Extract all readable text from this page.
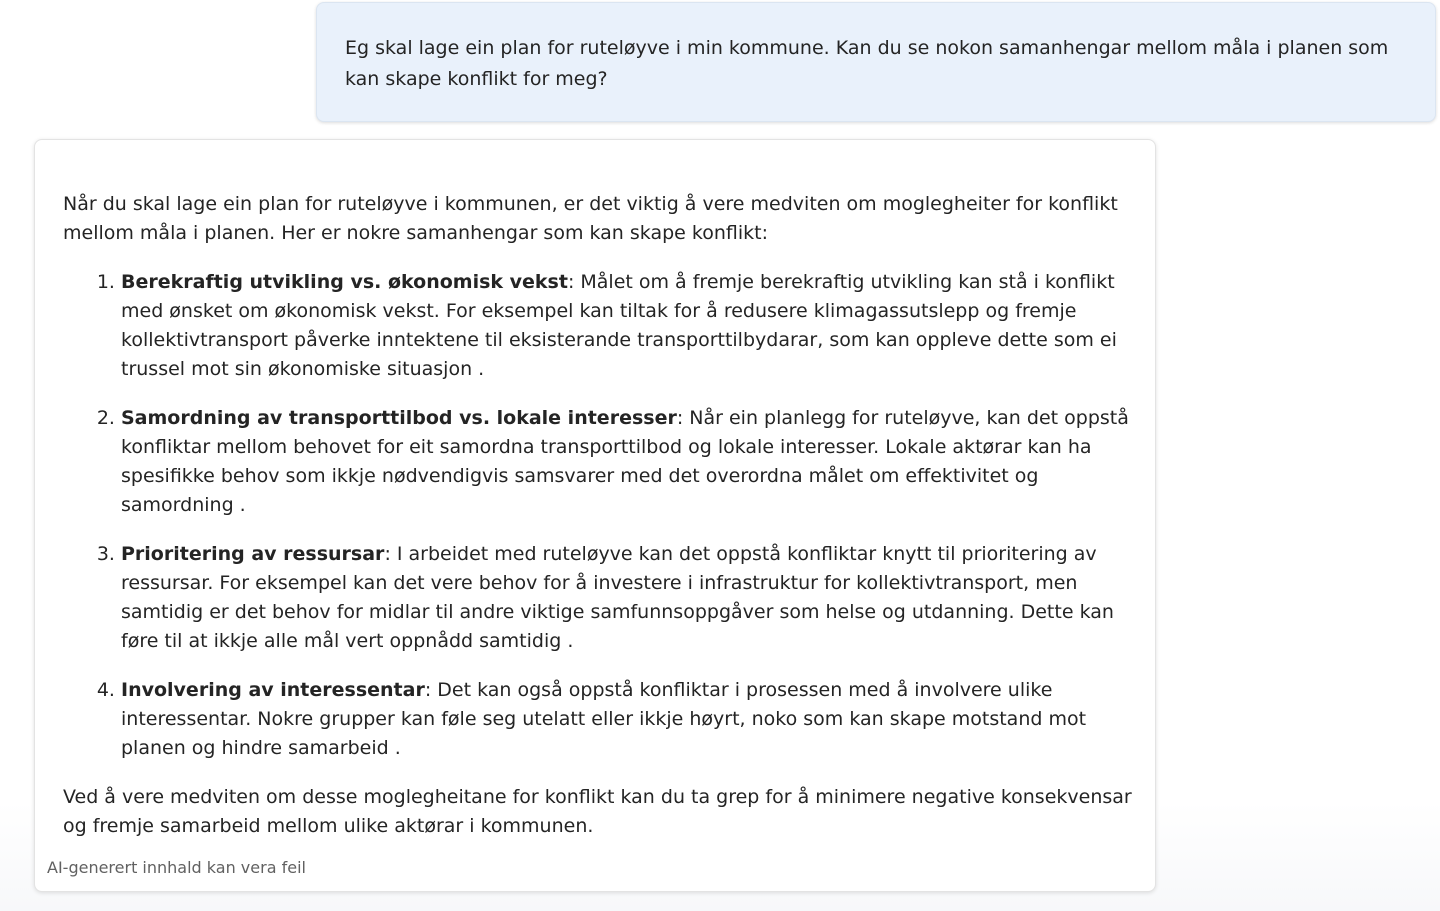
Eg skal lage ein plan for ruteløyve i min kommune. Kan du se nokon samanhengar mellom måla i planen som kan skape konflikt for meg?

Når du skal lage ein plan for ruteløyve i kommunen, er det viktig å vere medviten om moglegheiter for konflikt mellom måla i planen. Her er nokre samanhengar som kan skape konflikt:

1. Berekraftig utvikling vs. økonomisk vekst: Målet om å fremje berekraftig utvikling kan stå i konflikt med ønsket om økonomisk vekst. For eksempel kan tiltak for å redusere klimagassutslepp og fremje kollektivtransport påverke inntektene til eksisterande transporttilbydarar, som kan oppleve dette som ei trussel mot sin økonomiske situasjon .
2. Samordning av transporttilbod vs. lokale interesser: Når ein planlegg for ruteløyve, kan det oppstå konfliktar mellom behovet for eit samordna transporttilbod og lokale interesser. Lokale aktørar kan ha spesifikke behov som ikkje nødvendigvis samsvarer med det overordna målet om effektivitet og samordning .
3. Prioritering av ressursar: I arbeidet med ruteløyve kan det oppstå konfliktar knytt til prioritering av ressursar. For eksempel kan det vere behov for å investere i infrastruktur for kollektivtransport, men samtidig er det behov for midlar til andre viktige samfunnsoppgåver som helse og utdanning. Dette kan føre til at ikkje alle mål vert oppnådd samtidig .
4. Involvering av interessentar: Det kan også oppstå konfliktar i prosessen med å involvere ulike interessentar. Nokre grupper kan føle seg utelatt eller ikkje høyrt, noko som kan skape motstand mot planen og hindre samarbeid .

Ved å vere medviten om desse moglegheitane for konflikt kan du ta grep for å minimere negative konsekvensar og fremje samarbeid mellom ulike aktørar i kommunen.

AI-generert innhald kan vera feil
